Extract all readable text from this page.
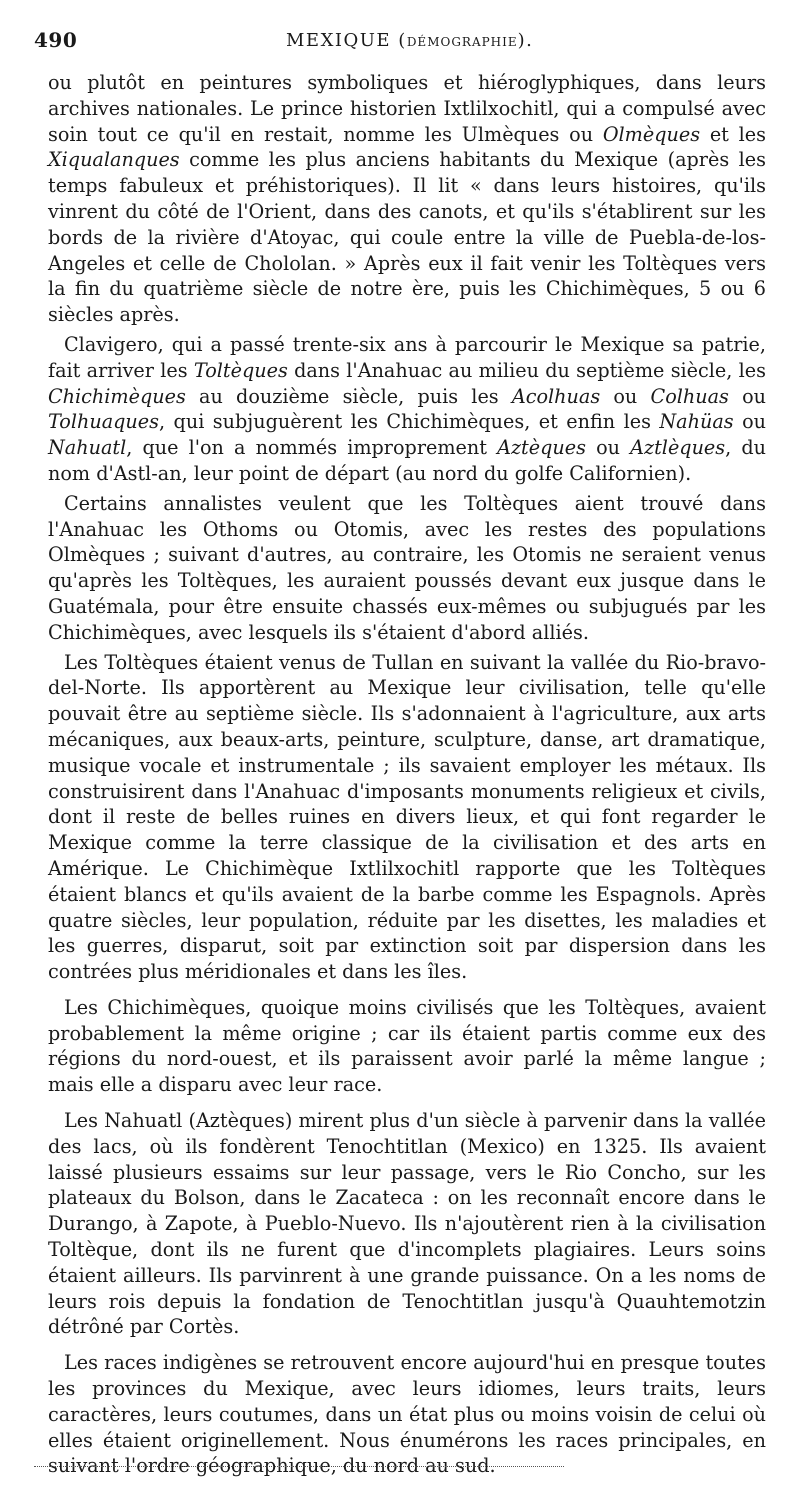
490	MEXIQUE (DÉMOGRAPHIE).

ou plutôt en peintures symboliques et hiéroglyphiques, dans leurs archives nationales. Le prince historien Ixtlilxochitl, qui a compulsé avec soin tout ce qu'il en restait, nomme les Ulmèques ou Olmèques et les Xiqualanques comme les plus anciens habitants du Mexique (après les temps fabuleux et préhistoriques). Il lit « dans leurs histoires, qu'ils vinrent du côté de l'Orient, dans des canots, et qu'ils s'établirent sur les bords de la rivière d'Atoyac, qui coule entre la ville de Puebla-de-los-Angeles et celle de Chololan. » Après eux il fait venir les Toltèques vers la fin du quatrième siècle de notre ère, puis les Chichimèques, 5 ou 6 siècles après.

Clavigero, qui a passé trente-six ans à parcourir le Mexique sa patrie, fait arriver les Toltèques dans l'Anahuac au milieu du septième siècle, les Chichimèques au douzième siècle, puis les Acolhuas ou Colhuas ou Tolhuaques, qui subjuguèrent les Chichimèques, et enfin les Nahüas ou Nahuatl, que l'on a nommés improprement Aztèques ou Aztlèques, du nom d'Astl-an, leur point de départ (au nord du golfe Californien).

Certains annalistes veulent que les Toltèques aient trouvé dans l'Anahuac les Othoms ou Otomis, avec les restes des populations Olmèques ; suivant d'autres, au contraire, les Otomis ne seraient venus qu'après les Toltèques, les auraient poussés devant eux jusque dans le Guatémala, pour être ensuite chassés eux-mêmes ou subjugués par les Chichimèques, avec lesquels ils s'étaient d'abord alliés.

Les Toltèques étaient venus de Tullan en suivant la vallée du Rio-bravo-del-Norte. Ils apportèrent au Mexique leur civilisation, telle qu'elle pouvait être au septième siècle. Ils s'adonnaient à l'agriculture, aux arts mécaniques, aux beaux-arts, peinture, sculpture, danse, art dramatique, musique vocale et instrumentale ; ils savaient employer les métaux. Ils construisirent dans l'Anahuac d'imposants monuments religieux et civils, dont il reste de belles ruines en divers lieux, et qui font regarder le Mexique comme la terre classique de la civilisation et des arts en Amérique. Le Chichimèque Ixtlilxochitl rapporte que les Toltèques étaient blancs et qu'ils avaient de la barbe comme les Espagnols. Après quatre siècles, leur population, réduite par les disettes, les maladies et les guerres, disparut, soit par extinction soit par dispersion dans les contrées plus méridionales et dans les îles.

Les Chichimèques, quoique moins civilisés que les Toltèques, avaient probablement la même origine ; car ils étaient partis comme eux des régions du nord-ouest, et ils paraissent avoir parlé la même langue ; mais elle a disparu avec leur race.

Les Nahuatl (Aztèques) mirent plus d'un siècle à parvenir dans la vallée des lacs, où ils fondèrent Tenochtitlan (Mexico) en 1325. Ils avaient laissé plusieurs essaims sur leur passage, vers le Rio Concho, sur les plateaux du Bolson, dans le Zacateca : on les reconnaît encore dans le Durango, à Zapote, à Pueblo-Nuevo. Ils n'ajoutèrent rien à la civilisation Toltèque, dont ils ne furent que d'incomplets plagiaires. Leurs soins étaient ailleurs. Ils parvinrent à une grande puissance. On a les noms de leurs rois depuis la fondation de Tenochtitlan jusqu'à Quauhtemotzin détrôné par Cortès.

Les races indigènes se retrouvent encore aujourd'hui en presque toutes les provinces du Mexique, avec leurs idiomes, leurs traits, leurs caractères, leurs coutumes, dans un état plus ou moins voisin de celui où elles étaient originellement. Nous énumérons les races principales, en suivant l'ordre géographique, du nord au sud.
